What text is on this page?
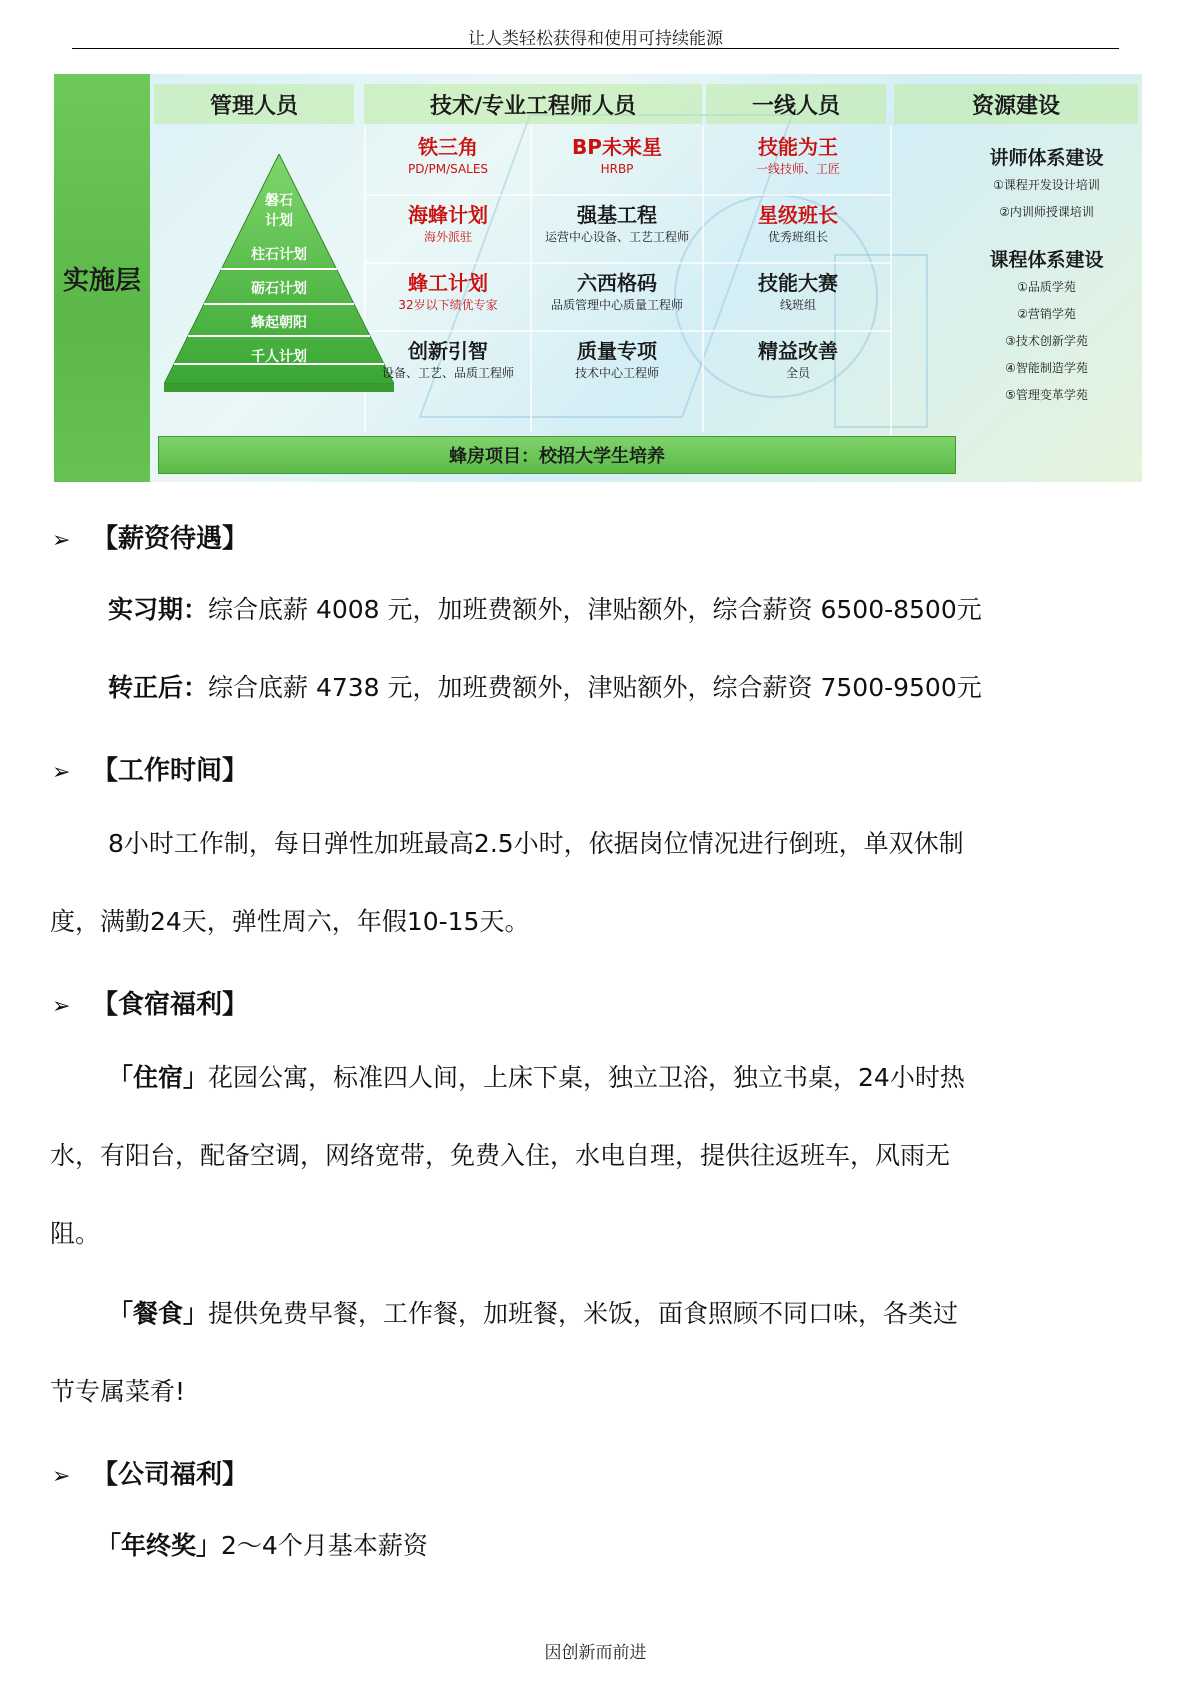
让人类轻松获得和使用可持续能源
实施层
管理人员	技术/专业工程师人员	一线人员	资源建设
磐石
计划
柱石计划
砺石计划
蜂起朝阳
千人计划
铁三角
PD/PM/SALES
海蜂计划
海外派驻
蜂工计划
32岁以下绩优专家
创新引智
设备、工艺、品质工程师
BP未来星
HRBP
强基工程
运营中心设备、工艺工程师
六西格码
品质管理中心质量工程师
质量专项
技术中心工程师
技能为王
一线技师、工匠
星级班长
优秀班组长
技能大赛
线班组
精益改善
全员
讲师体系建设
①课程开发设计培训
②内训师授课培训
课程体系建设
①品质学苑
②营销学苑
③技术创新学苑
④智能制造学苑
⑤管理变革学苑
蜂房项目：校招大学生培养
➢ 【薪资待遇】
实习期：综合底薪 4008 元，加班费额外，津贴额外，综合薪资 6500-8500元
转正后：综合底薪 4738 元，加班费额外，津贴额外，综合薪资 7500-9500元
➢ 【工作时间】
8小时工作制，每日弹性加班最高2.5小时，依据岗位情况进行倒班，单双休制
度，满勤24天，弹性周六，年假10-15天。
➢ 【食宿福利】
「住宿」花园公寓，标准四人间，上床下桌，独立卫浴，独立书桌，24小时热
水，有阳台，配备空调，网络宽带，免费入住，水电自理，提供往返班车，风雨无
阻。
「餐食」提供免费早餐，工作餐，加班餐，米饭，面食照顾不同口味，各类过
节专属菜肴!
➢ 【公司福利】
「年终奖」2～4个月基本薪资
因创新而前进
